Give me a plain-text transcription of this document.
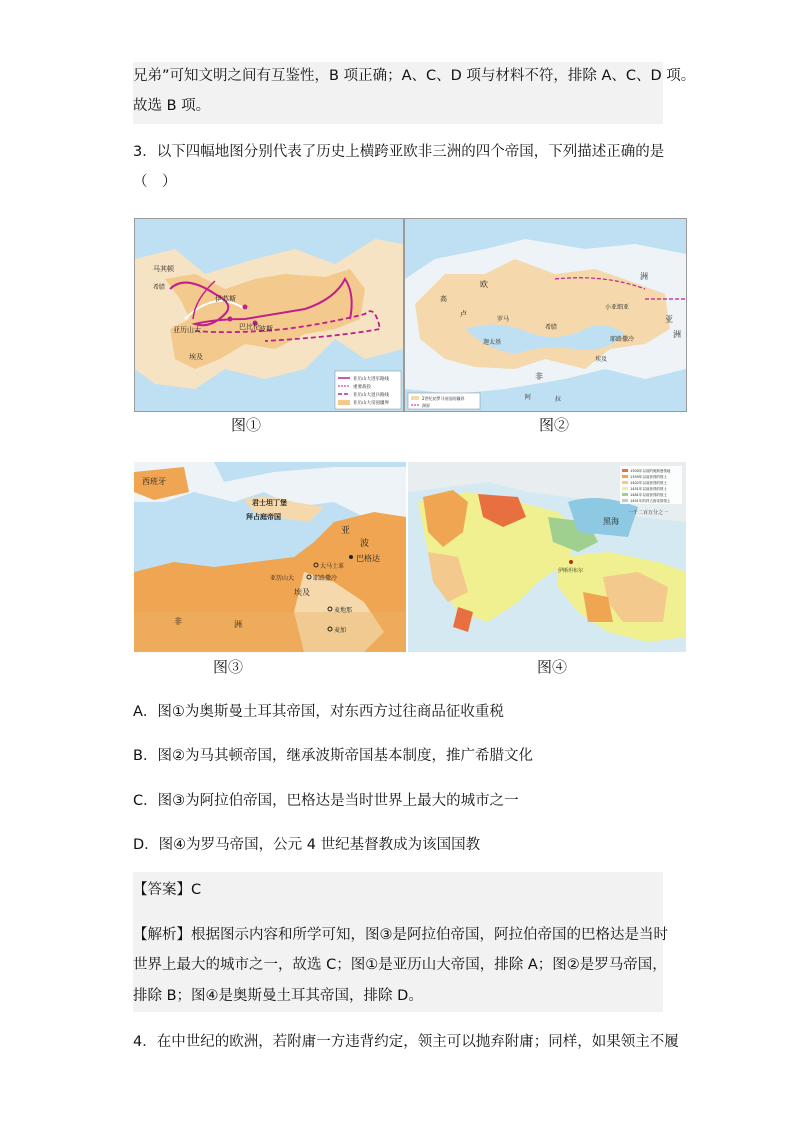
兄弟”可知文明之间有互鉴性，B 项正确；A、C、D 项与材料不符，排除 A、C、D 项。
故选 B 项。
3．以下四幅地图分别代表了历史上横跨亚欧非三洲的四个帝国，下列描述正确的是
（　）
马其顿
希腊
伊苏斯
亚历山大
埃及
巴比伦 波斯
亚历山大进军路线
重要战役
亚历山大退兵路线
亚历山大帝国疆界
图①
欧
高
卢
罗马
希腊
迦太基
埃及
耶路撒冷
小亚细亚
亚
非
阿	拉
洲
洲
2世纪初罗马帝国的疆界
洲界
图②
西班牙
君士坦丁堡
拜占庭帝国
亚
波
巴格达
大马士革
耶路撒冷
亚历山大
埃及
麦地那
麦加
非	洲
图③
1300年以前的奥斯曼领地
1359年以前获得的领土
1402年以前获得的领土
1451年以前获得的领土
1481年以前获得的领土
1451年的拜占庭帝国领土
一千二百万分之一
黑海
伊斯坦布尔
图④
A．图①为奥斯曼土耳其帝国，对东西方过往商品征收重税
B．图②为马其顿帝国，继承波斯帝国基本制度，推广希腊文化
C．图③为阿拉伯帝国，巴格达是当时世界上最大的城市之一
D．图④为罗马帝国，公元 4 世纪基督教成为该国国教
【答案】C
【解析】根据图示内容和所学可知，图③是阿拉伯帝国，阿拉伯帝国的巴格达是当时
世界上最大的城市之一，故选 C；图①是亚历山大帝国，排除 A；图②是罗马帝国，
排除 B；图④是奥斯曼土耳其帝国，排除 D。
4．在中世纪的欧洲，若附庸一方违背约定，领主可以抛弃附庸；同样，如果领主不履
